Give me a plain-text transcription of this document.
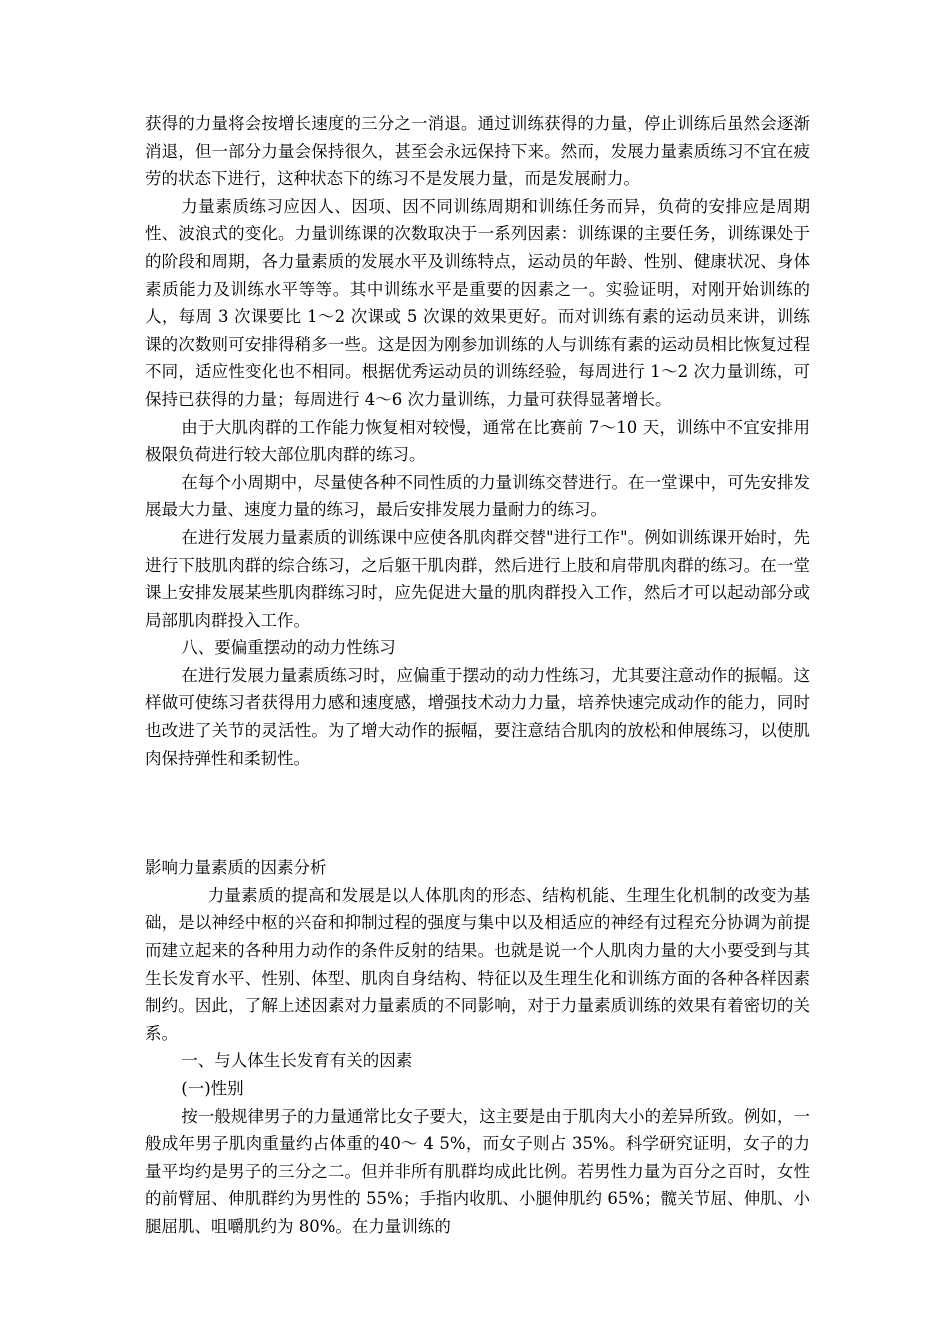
获得的力量将会按增长速度的三分之一消退。通过训练获得的力量，停止训练后虽然会逐渐消退，但一部分力量会保持很久，甚至会永远保持下来。然而，发展力量素质练习不宜在疲劳的状态下进行，这种状态下的练习不是发展力量，而是发展耐力。

力量素质练习应因人、因项、因不同训练周期和训练任务而异，负荷的安排应是周期性、波浪式的变化。力量训练课的次数取决于一系列因素：训练课的主要任务，训练课处于的阶段和周期，各力量素质的发展水平及训练特点，运动员的年龄、性别、健康状况、身体素质能力及训练水平等等。其中训练水平是重要的因素之一。实验证明，对刚开始训练的人，每周 3 次课要比 1～2 次课或 5 次课的效果更好。而对训练有素的运动员来讲，训练课的次数则可安排得稍多一些。这是因为刚参加训练的人与训练有素的运动员相比恢复过程不同，适应性变化也不相同。根据优秀运动员的训练经验，每周进行 1～2 次力量训练，可保持已获得的力量；每周进行 4～6 次力量训练，力量可获得显著增长。

由于大肌肉群的工作能力恢复相对较慢，通常在比赛前 7～10 天，训练中不宜安排用极限负荷进行较大部位肌肉群的练习。

在每个小周期中，尽量使各种不同性质的力量训练交替进行。在一堂课中，可先安排发展最大力量、速度力量的练习，最后安排发展力量耐力的练习。

在进行发展力量素质的训练课中应使各肌肉群交替"进行工作"。例如训练课开始时，先进行下肢肌肉群的综合练习，之后躯干肌肉群，然后进行上肢和肩带肌肉群的练习。在一堂课上安排发展某些肌肉群练习时，应先促进大量的肌肉群投入工作，然后才可以起动部分或局部肌肉群投入工作。

八、要偏重摆动的动力性练习

在进行发展力量素质练习时，应偏重于摆动的动力性练习，尤其要注意动作的振幅。这样做可使练习者获得用力感和速度感，增强技术动力力量，培养快速完成动作的能力，同时也改进了关节的灵活性。为了增大动作的振幅，要注意结合肌肉的放松和伸展练习，以使肌肉保持弹性和柔韧性。

影响力量素质的因素分析

力量素质的提高和发展是以人体肌肉的形态、结构机能、生理生化机制的改变为基础，是以神经中枢的兴奋和抑制过程的强度与集中以及相适应的神经有过程充分协调为前提而建立起来的各种用力动作的条件反射的结果。也就是说一个人肌肉力量的大小要受到与其生长发育水平、性别、体型、肌肉自身结构、特征以及生理生化和训练方面的各种各样因素制约。因此，了解上述因素对力量素质的不同影响，对于力量素质训练的效果有着密切的关系。

一、与人体生长发育有关的因素

(一)性别

按一般规律男子的力量通常比女子要大，这主要是由于肌肉大小的差异所致。例如，一般成年男子肌肉重量约占体重的40～ 4 5%，而女子则占 35%。科学研究证明，女子的力量平均约是男子的三分之二。但并非所有肌群均成此比例。若男性力量为百分之百时，女性的前臂屈、伸肌群约为男性的 55%；手指内收肌、小腿伸肌约 65%；髋关节屈、伸肌、小腿屈肌、咀嚼肌约为 80%。在力量训练的
